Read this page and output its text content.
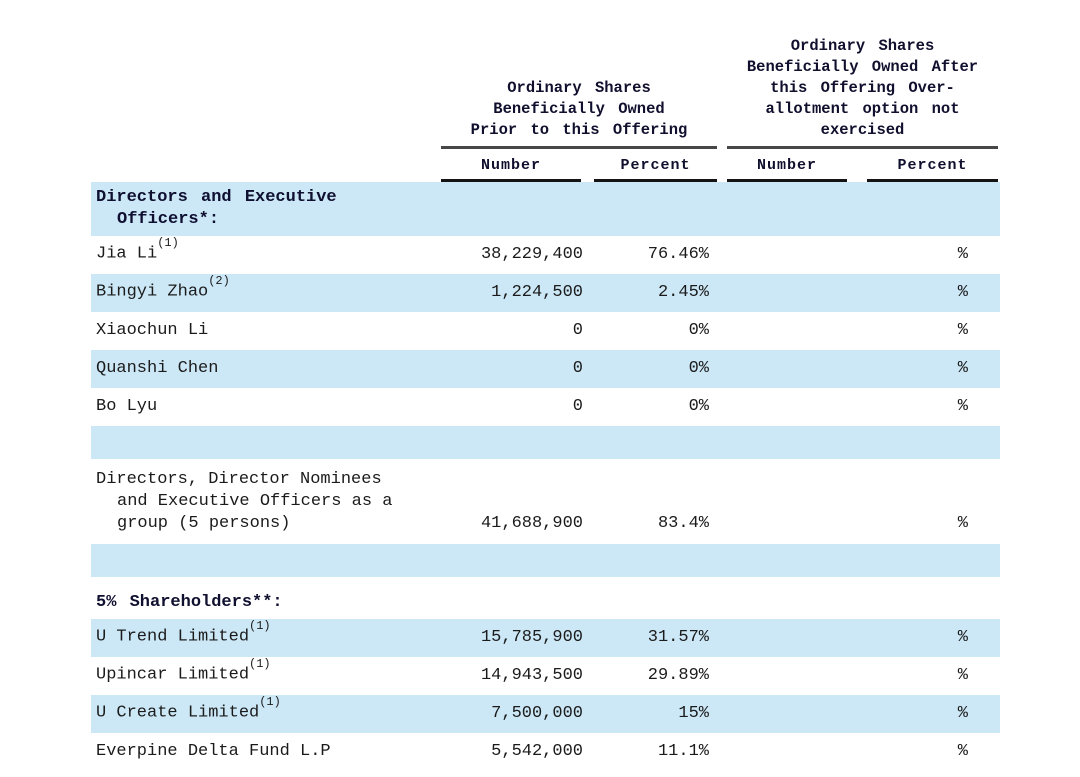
	Ordinary Shares Beneficially Owned Prior to this Offering		Ordinary Shares Beneficially Owned After this Offering Over-allotment option not exercised	

	Number	Percent	Number	Percent

Directors and Executive
Officers*:				

Jia Li$^{(1)}$	38,229,400	76.46%		%

Bingyi Zhao$^{(2)}$	1,224,500	2.45%		%

Xiaochun Li	0	0%		%

Quanshi Chen	0	0%		%

Bo Lyu	0	0%		%

Directors, Director Nominees
and Executive Officers as a
group (5 persons)	41,688,900	83.4%		%

5% Shareholders**:				

U Trend Limited$^{(1)}$	15,785,900	31.57%		%

Upincar Limited$^{(1)}$	14,943,500	29.89%		%

U Create Limited$^{(1)}$	7,500,000	15%		%

Everpine Delta Fund L.P	5,542,000	11.1%		%
